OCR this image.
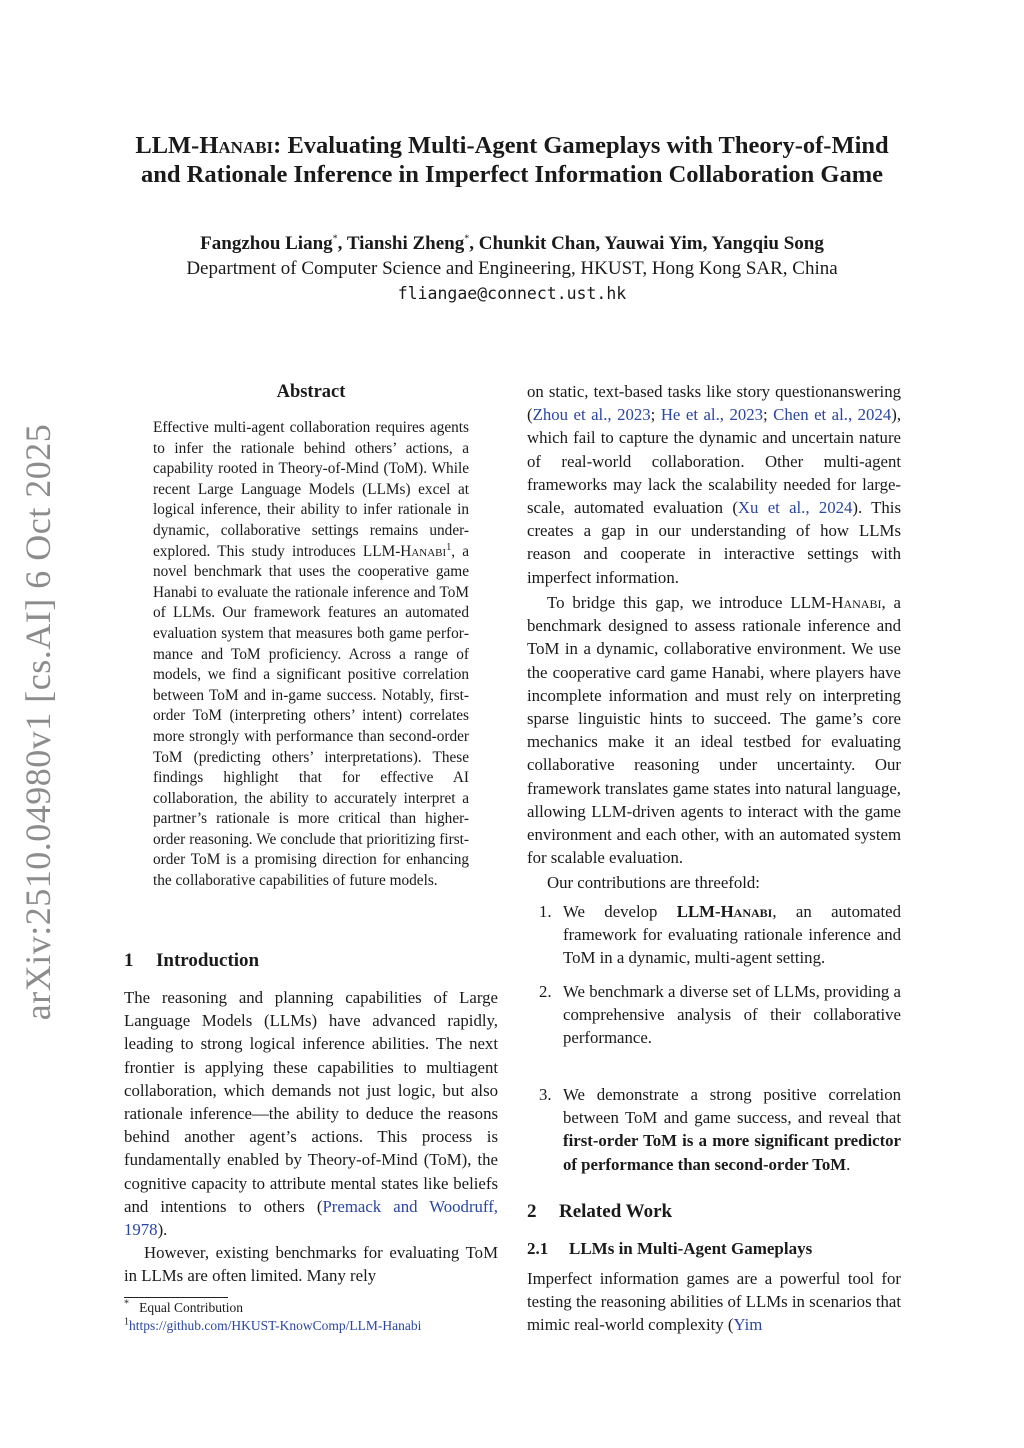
arXiv:2510.04980v1 [cs.AI] 6 Oct 2025
LLM-Hanabi: Evaluating Multi-Agent Gameplays with Theory-of-Mind
and Rationale Inference in Imperfect Information Collaboration Game
Fangzhou Liang*, Tianshi Zheng*, Chunkit Chan, Yauwai Yim, Yangqiu Song
Department of Computer Science and Engineering, HKUST, Hong Kong SAR, China
fliangae@connect.ust.hk
Abstract
Effective multi-agent collaboration requires agents to infer the rationale behind others’ actions, a capability rooted in Theory-of-Mind (ToM). While recent Large Language Models (LLMs) excel at logical inference, their ability to infer rationale in dynamic, collaborative settings remains under-explored. This study introduces LLM-Hanabi$^1$, a novel benchmark that uses the cooperative game Hanabi to evaluate the rationale inference and ToM of LLMs. Our framework features an automated evaluation system that measures both game performance and ToM proficiency. Across a range of models, we find a significant positive correlation between ToM and in-game success. Notably, first-order ToM (interpreting others’ intent) correlates more strongly with performance than second-order ToM (predicting others’ interpretations). These findings highlight that for effective AI collaboration, the ability to accurately interpret a partner’s rationale is more critical than higher-order reasoning. We conclude that prioritizing first-order ToM is a promising direction for enhancing the collaborative capabilities of future models.
1 Introduction
The reasoning and planning capabilities of Large Language Models (LLMs) have advanced rapidly, leading to strong logical inference abilities. The next frontier is applying these capabilities to multiagent collaboration, which demands not just logic, but also rationale inference—the ability to deduce the reasons behind another agent’s actions. This process is fundamentally enabled by Theory-of-Mind (ToM), the cognitive capacity to attribute mental states like beliefs and intentions to others (Premack and Woodruff, 1978).
However, existing benchmarks for evaluating ToM in LLMs are often limited. Many rely
* Equal Contribution
$^1$https://github.com/HKUST-KnowComp/LLM-Hanabi
on static, text-based tasks like story questionanswering (Zhou et al., 2023; He et al., 2023; Chen et al., 2024), which fail to capture the dynamic and uncertain nature of real-world collaboration. Other multi-agent frameworks may lack the scalability needed for large-scale, automated evaluation (Xu et al., 2024). This creates a gap in our understanding of how LLMs reason and cooperate in interactive settings with imperfect information.
To bridge this gap, we introduce LLM-Hanabi, a benchmark designed to assess rationale inference and ToM in a dynamic, collaborative environment. We use the cooperative card game Hanabi, where players have incomplete information and must rely on interpreting sparse linguistic hints to succeed. The game’s core mechanics make it an ideal testbed for evaluating collaborative reasoning under uncertainty. Our framework translates game states into natural language, allowing LLM-driven agents to interact with the game environment and each other, with an automated system for scalable evaluation.
Our contributions are threefold:
1. We develop LLM-Hanabi, an automated framework for evaluating rationale inference and ToM in a dynamic, multi-agent setting.
2. We benchmark a diverse set of LLMs, providing a comprehensive analysis of their collaborative performance.
3. We demonstrate a strong positive correlation between ToM and game success, and reveal that first-order ToM is a more significant predictor of performance than second-order ToM.
2 Related Work
2.1 LLMs in Multi-Agent Gameplays
Imperfect information games are a powerful tool for testing the reasoning abilities of LLMs in scenarios that mimic real-world complexity (Yim
